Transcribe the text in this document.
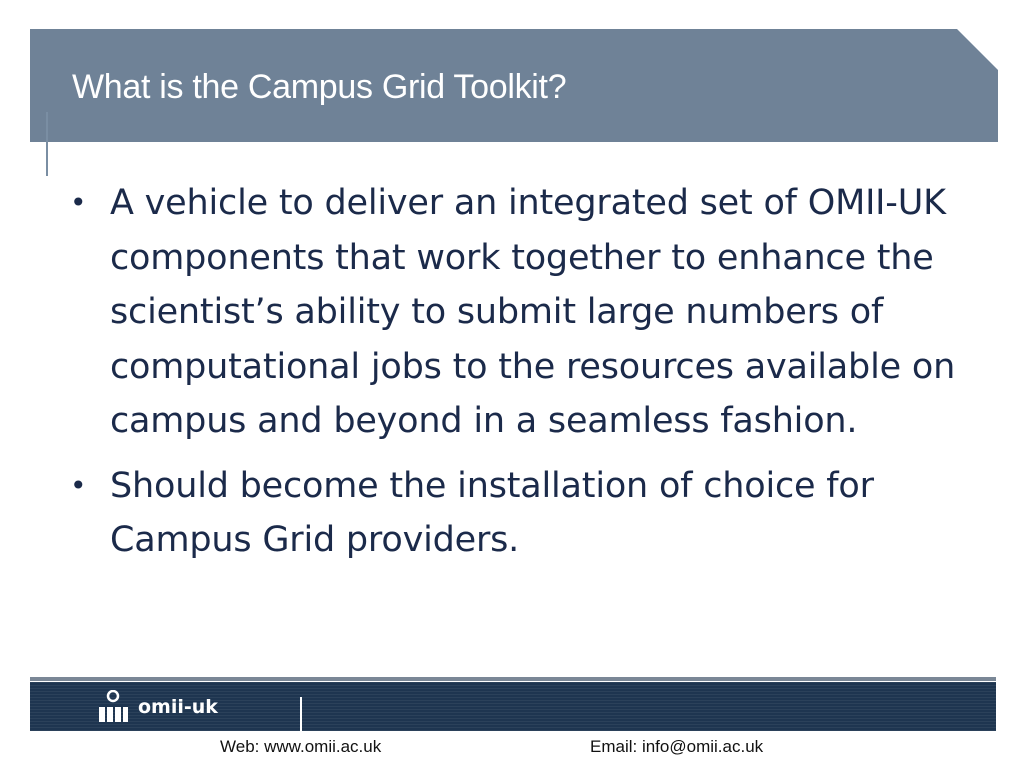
What is the Campus Grid Toolkit?
• A vehicle to deliver an integrated set of OMII-UK components that work together to enhance the scientist’s ability to submit large numbers of computational jobs to the resources available on campus and beyond in a seamless fashion.
• Should become the installation of choice for Campus Grid providers.
omii-uk
Web: www.omii.ac.uk	Email: info@omii.ac.uk
